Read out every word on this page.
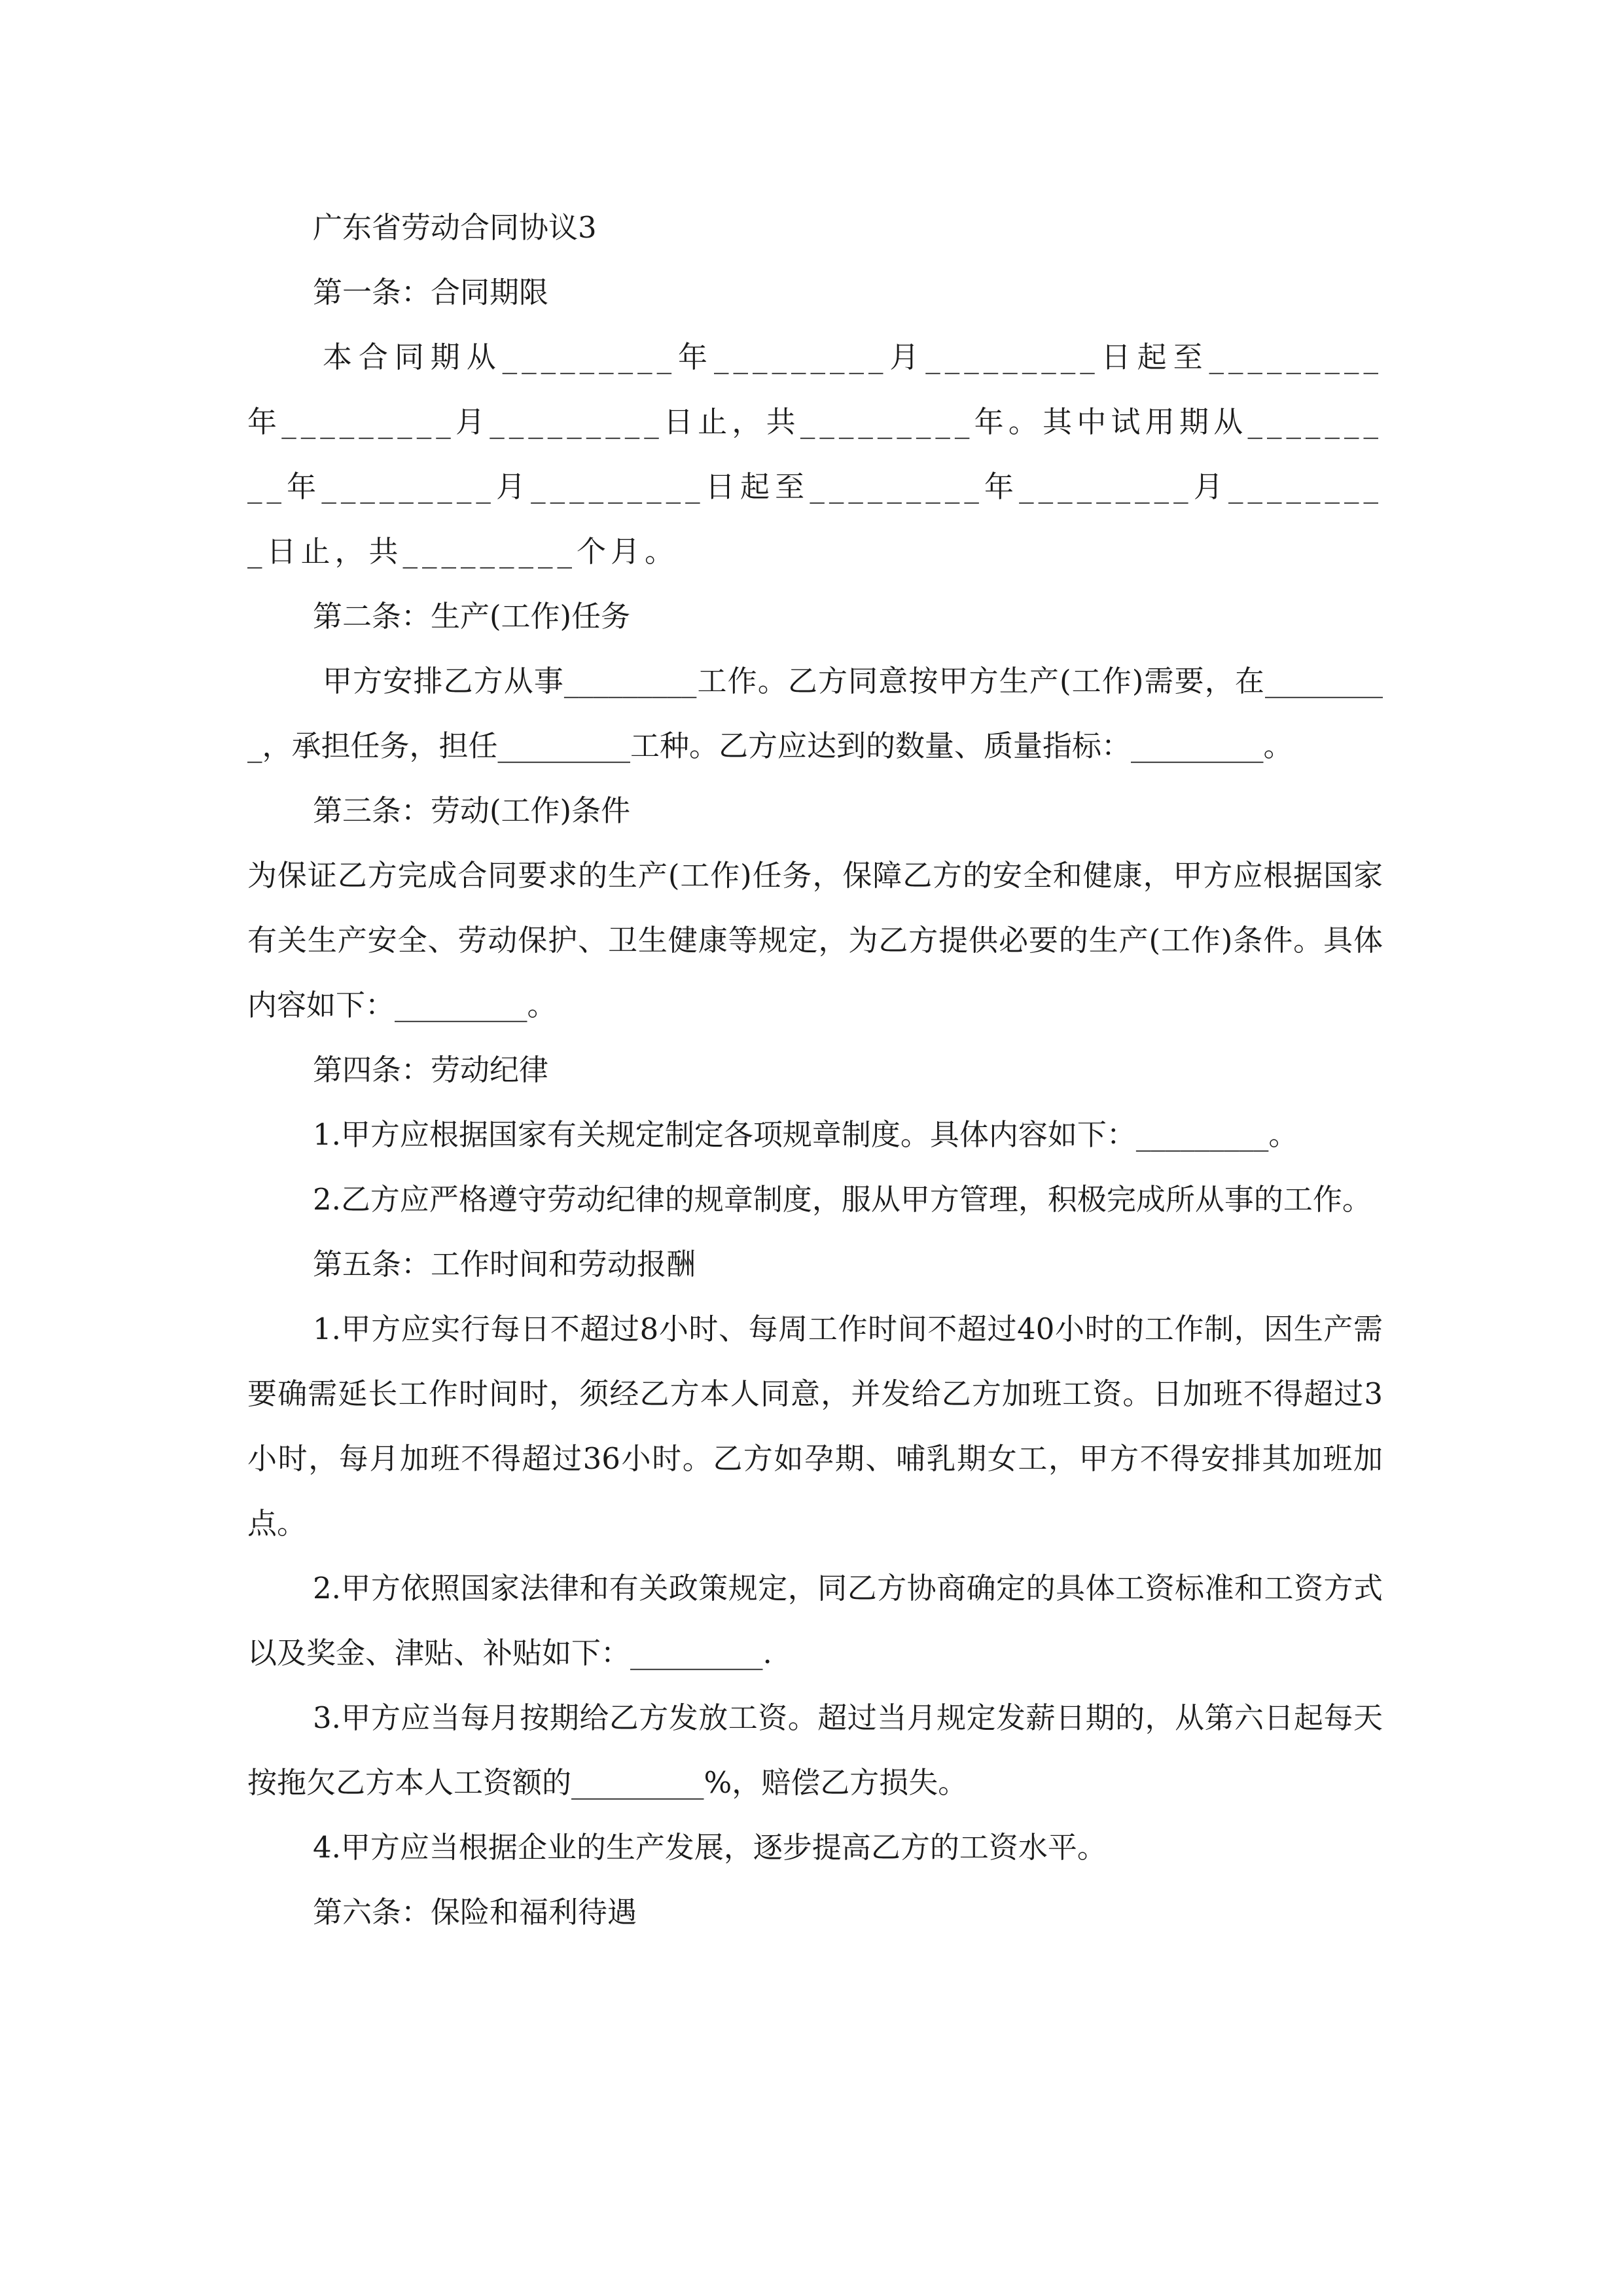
广东省劳动合同协议3

第一条：合同期限

本合同期从_________年_________月_________日起至_________年_________月_________日止，共_________年。其中试用期从_________年_________月_________日起至_________年_________月_________日止，共_________个月。

第二条：生产(工作)任务

甲方安排乙方从事_________工作。乙方同意按甲方生产(工作)需要，在_________，承担任务，担任_________工种。乙方应达到的数量、质量指标：_________。

第三条：劳动(工作)条件

为保证乙方完成合同要求的生产(工作)任务，保障乙方的安全和健康，甲方应根据国家有关生产安全、劳动保护、卫生健康等规定，为乙方提供必要的生产(工作)条件。具体内容如下：_________。

第四条：劳动纪律

1.甲方应根据国家有关规定制定各项规章制度。具体内容如下：_________。

2.乙方应严格遵守劳动纪律的规章制度，服从甲方管理，积极完成所从事的工作。

第五条：工作时间和劳动报酬

1.甲方应实行每日不超过8小时、每周工作时间不超过40小时的工作制，因生产需要确需延长工作时间时，须经乙方本人同意，并发给乙方加班工资。日加班不得超过3小时，每月加班不得超过36小时。乙方如孕期、哺乳期女工，甲方不得安排其加班加点。

2.甲方依照国家法律和有关政策规定，同乙方协商确定的具体工资标准和工资方式以及奖金、津贴、补贴如下：_________.

3.甲方应当每月按期给乙方发放工资。超过当月规定发薪日期的，从第六日起每天按拖欠乙方本人工资额的_________%，赔偿乙方损失。

4.甲方应当根据企业的生产发展，逐步提高乙方的工资水平。

第六条：保险和福利待遇
